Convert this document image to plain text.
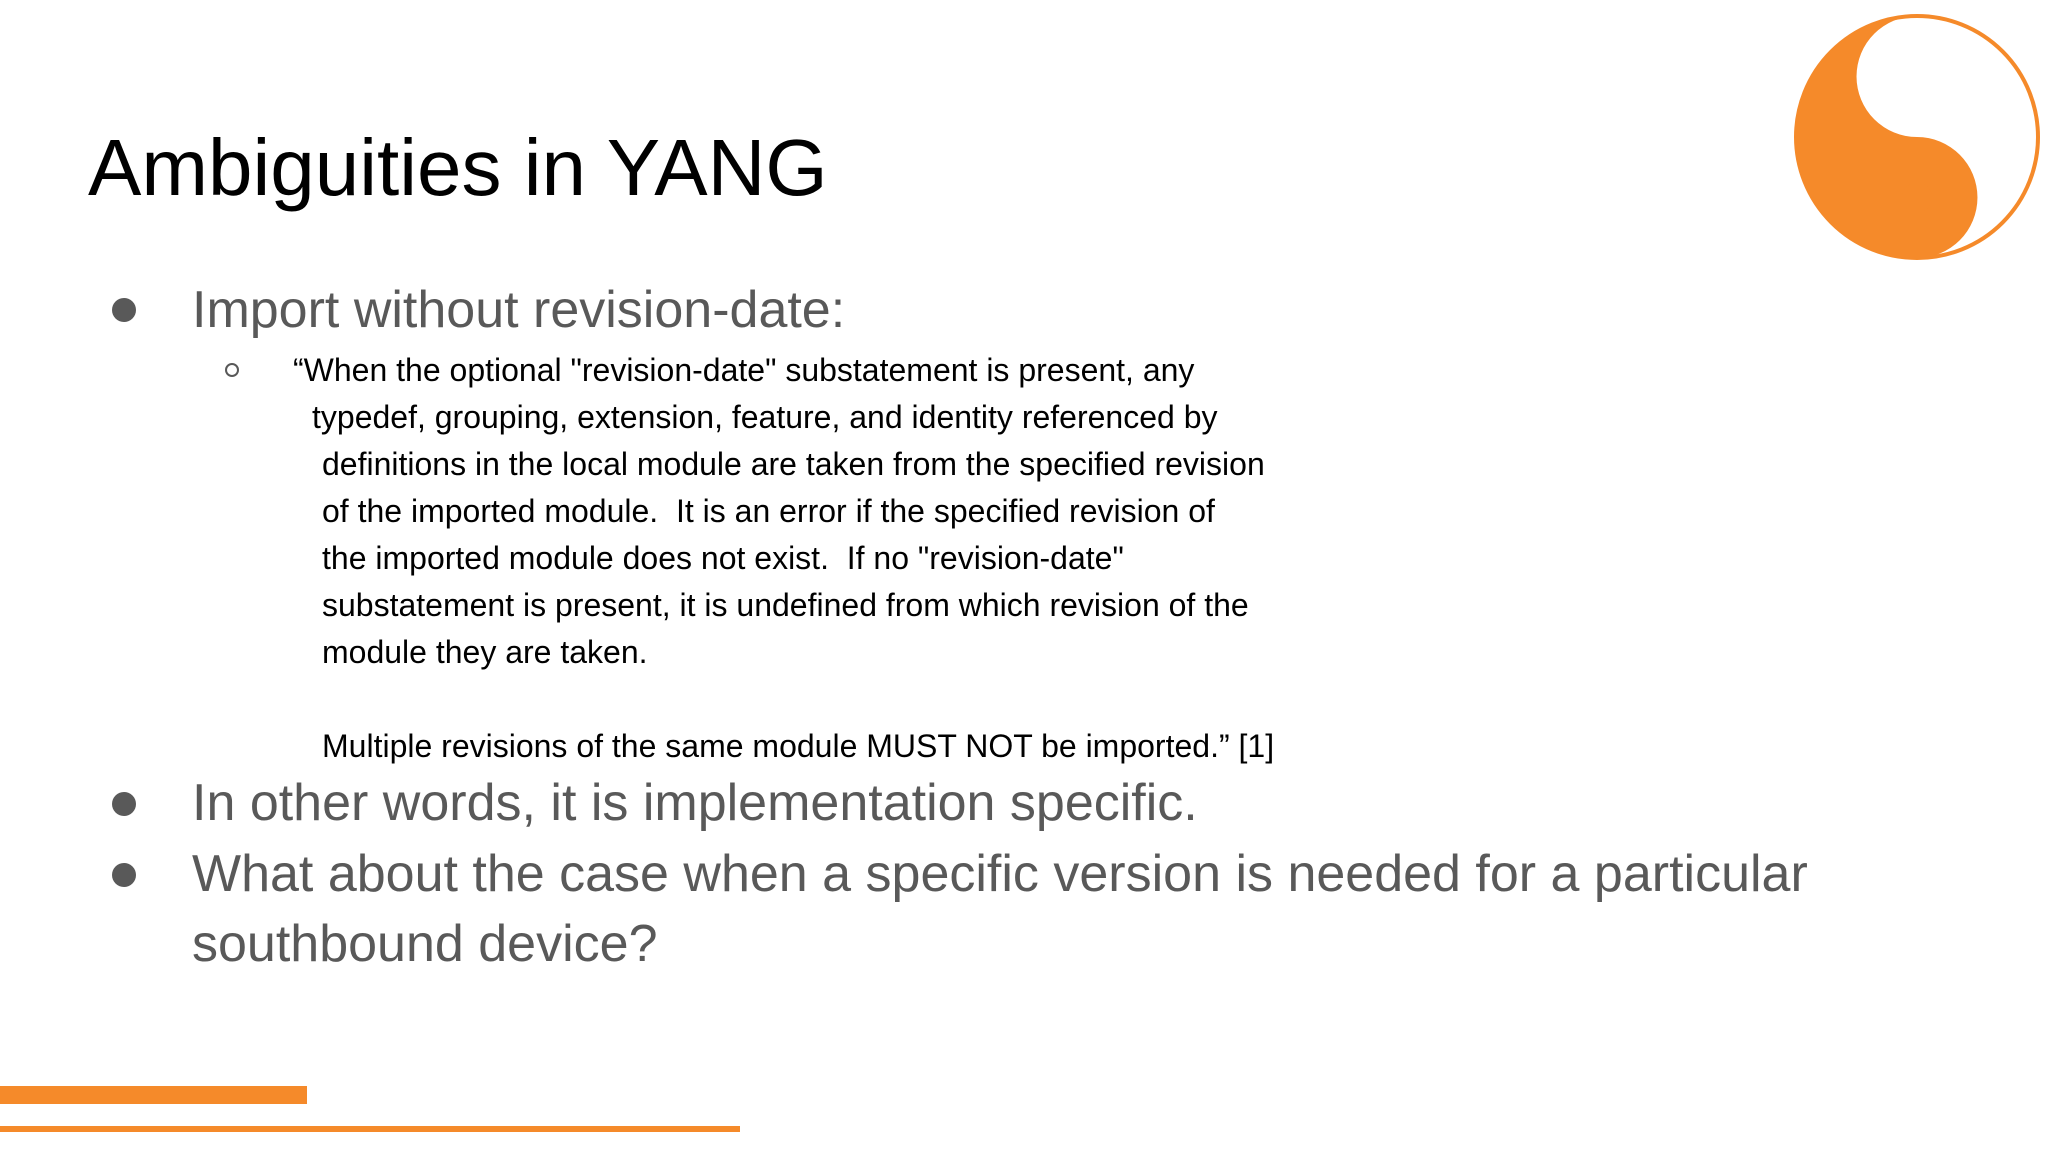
Ambiguities in YANG
Import without revision-date:
“When the optional "revision-date" substatement is present, any
typedef, grouping, extension, feature, and identity referenced by
definitions in the local module are taken from the specified revision
of the imported module.  It is an error if the specified revision of
the imported module does not exist.  If no "revision-date"
substatement is present, it is undefined from which revision of the
module they are taken.
Multiple revisions of the same module MUST NOT be imported.” [1]
In other words, it is implementation specific.
What about the case when a specific version is needed for a particular
southbound device?
